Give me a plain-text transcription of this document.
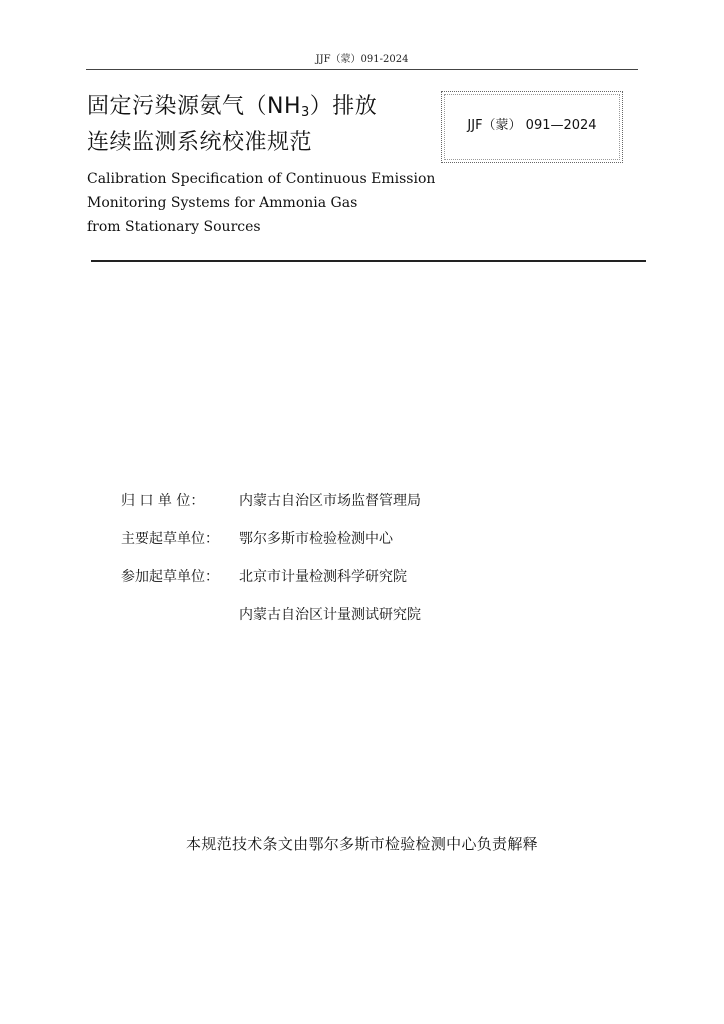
JJF（蒙）091-2024
固定污染源氨气$(NH_3)$排放
连续监测系统校准规范
Calibration Specification of Continuous Emission
Monitoring Systems for Ammonia Gas
from Stationary Sources
JJF（蒙） 091—2024
归 口 单 位：	内蒙古自治区市场监督管理局
主要起草单位：	鄂尔多斯市检验检测中心
参加起草单位：	北京市计量检测科学研究院
内蒙古自治区计量测试研究院
本规范技术条文由鄂尔多斯市检验检测中心负责解释
